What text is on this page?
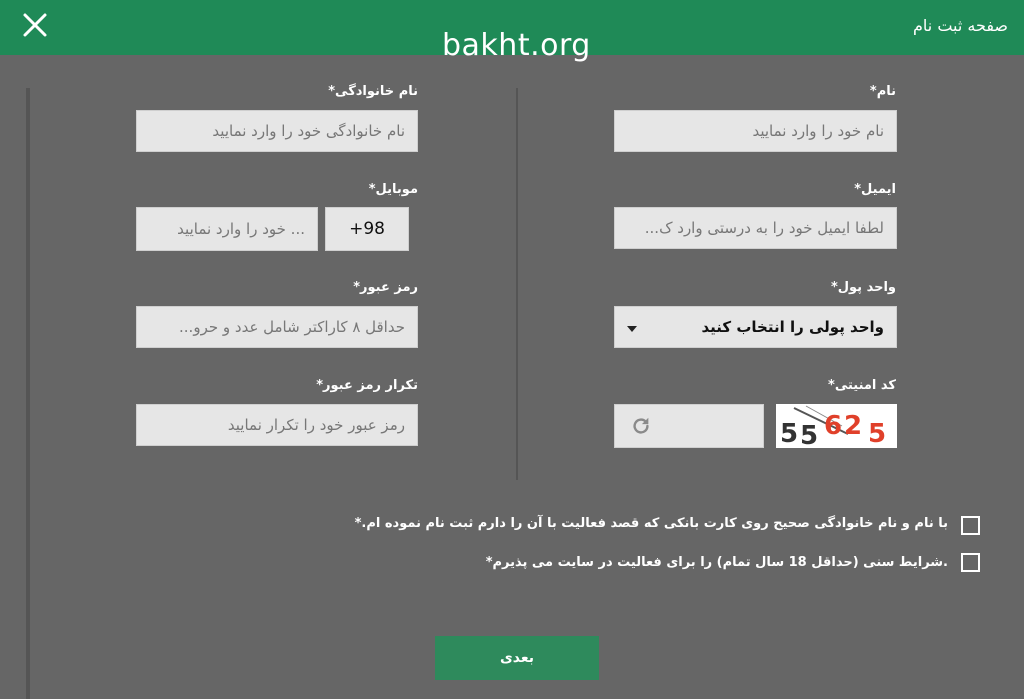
صفحه ثبت نام
bakht.org
نام*
نام خود را وارد نمایید
ایمیل*
لطفا ایمیل خود را به درستی وارد ک...
واحد پول*
واحد پولی را انتخاب کنید
کد امنیتی*
5 5 6 2 5
نام خانوادگی*
نام خانوادگی خود را وارد نمایید
موبایل*
98+
... خود را وارد نمایید
رمز عبور*
حداقل ۸ کاراکتر شامل عدد و حرو...
تکرار رمز عبور*
رمز عبور خود را تکرار نمایید
با نام و نام خانوادگی صحیح روی کارت بانکی که قصد فعالیت با آن را دارم ثبت نام نموده ام.*
.شرایط سنی (حداقل 18 سال تمام) را برای فعالیت در سایت می پذیرم*
بعدی
